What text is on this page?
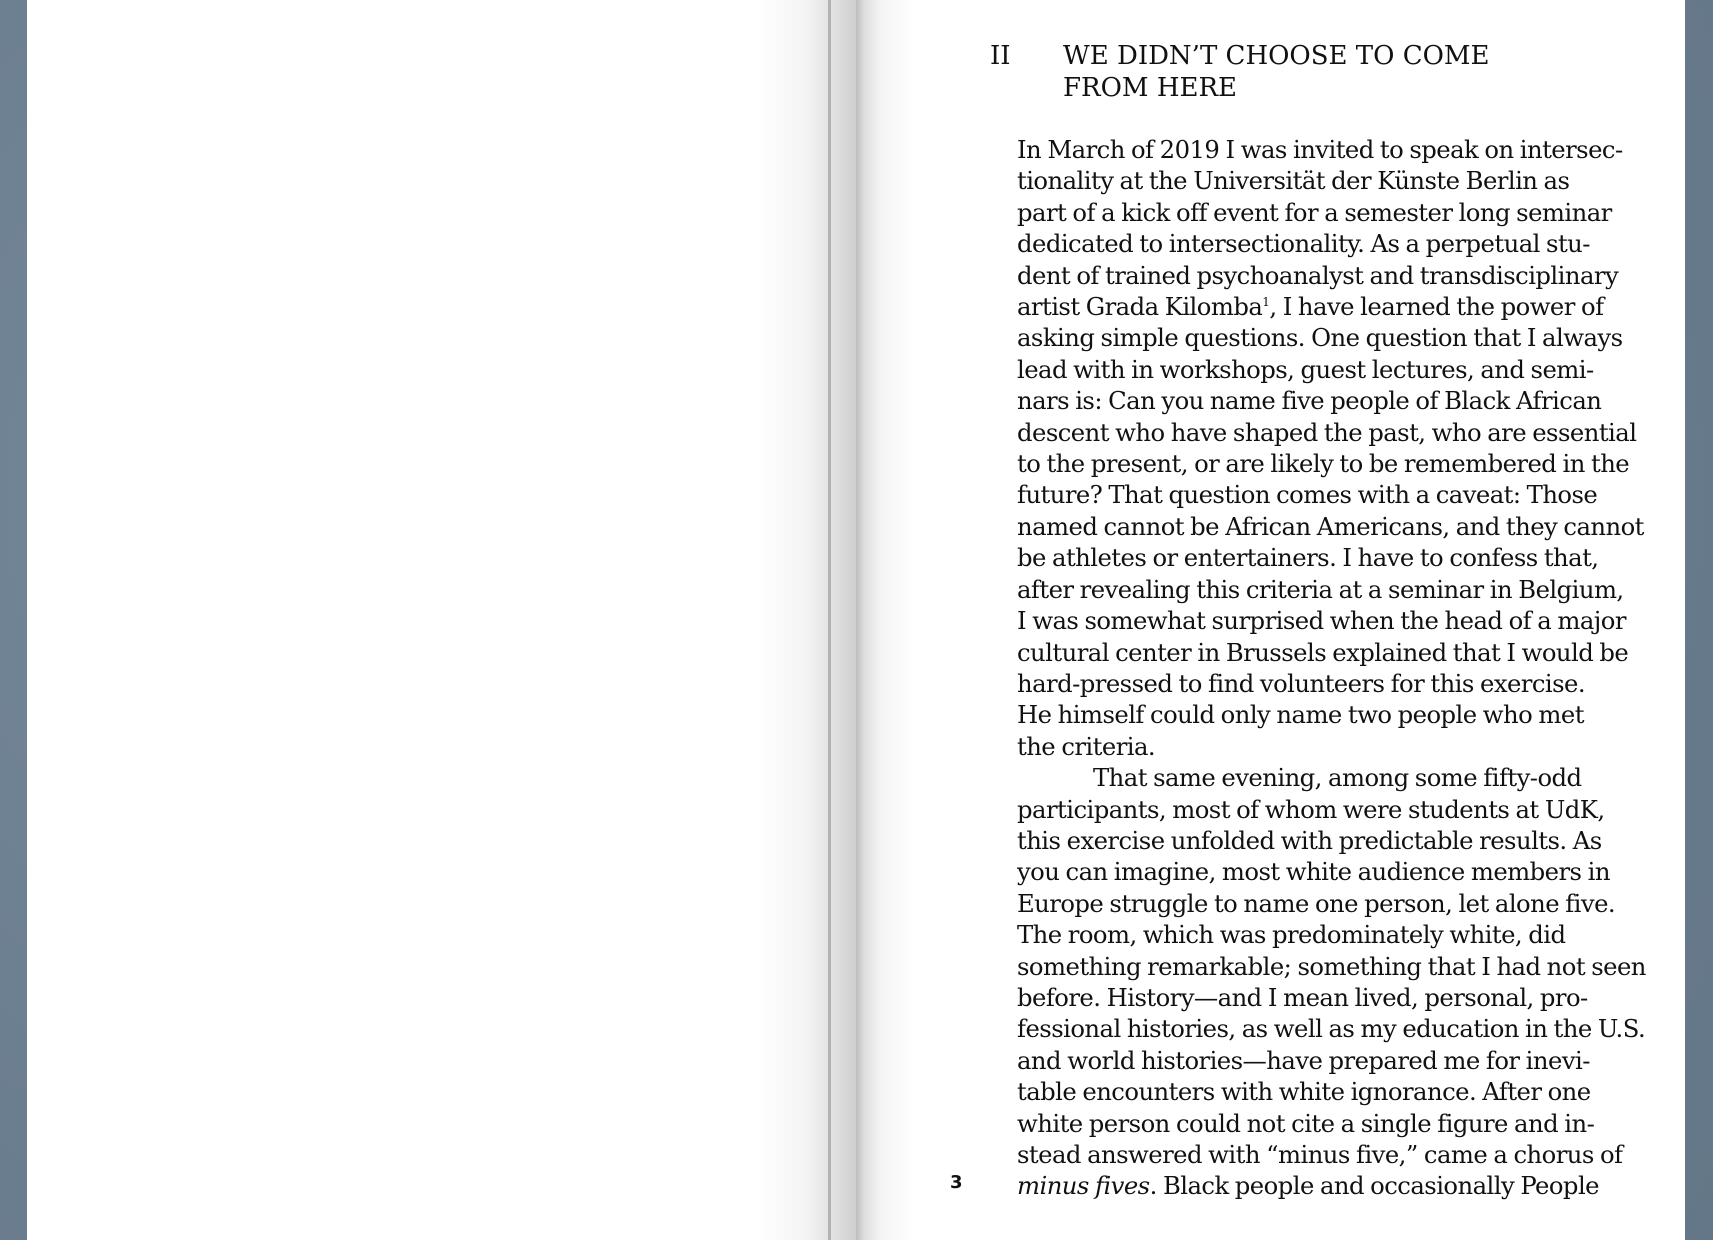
II WE DIDN’T CHOOSE TO COME
FROM HERE
In March of 2019 I was invited to speak on intersec-
tionality at the Universität der Künste Berlin as
part of a kick off event for a semester long seminar
dedicated to intersectionality. As a perpetual stu-
dent of trained psychoanalyst and transdisciplinary
artist Grada Kilomba$^1$, I have learned the power of
asking simple questions. One question that I always
lead with in workshops, guest lectures, and semi-
nars is: Can you name five people of Black African
descent who have shaped the past, who are essential
to the present, or are likely to be remembered in the
future? That question comes with a caveat: Those
named cannot be African Americans, and they cannot
be athletes or entertainers. I have to confess that,
after revealing this criteria at a seminar in Belgium,
I was somewhat surprised when the head of a major
cultural center in Brussels explained that I would be
hard-pressed to find volunteers for this exercise.
He himself could only name two people who met
the criteria.
That same evening, among some fifty-odd
participants, most of whom were students at UdK,
this exercise unfolded with predictable results. As
you can imagine, most white audience members in
Europe struggle to name one person, let alone five.
The room, which was predominately white, did
something remarkable; something that I had not seen
before. History—and I mean lived, personal, pro-
fessional histories, as well as my education in the U.S.
and world histories—have prepared me for inevi-
table encounters with white ignorance. After one
white person could not cite a single figure and in-
stead answered with “minus five,” came a chorus of
minus fives. Black people and occasionally People
3
